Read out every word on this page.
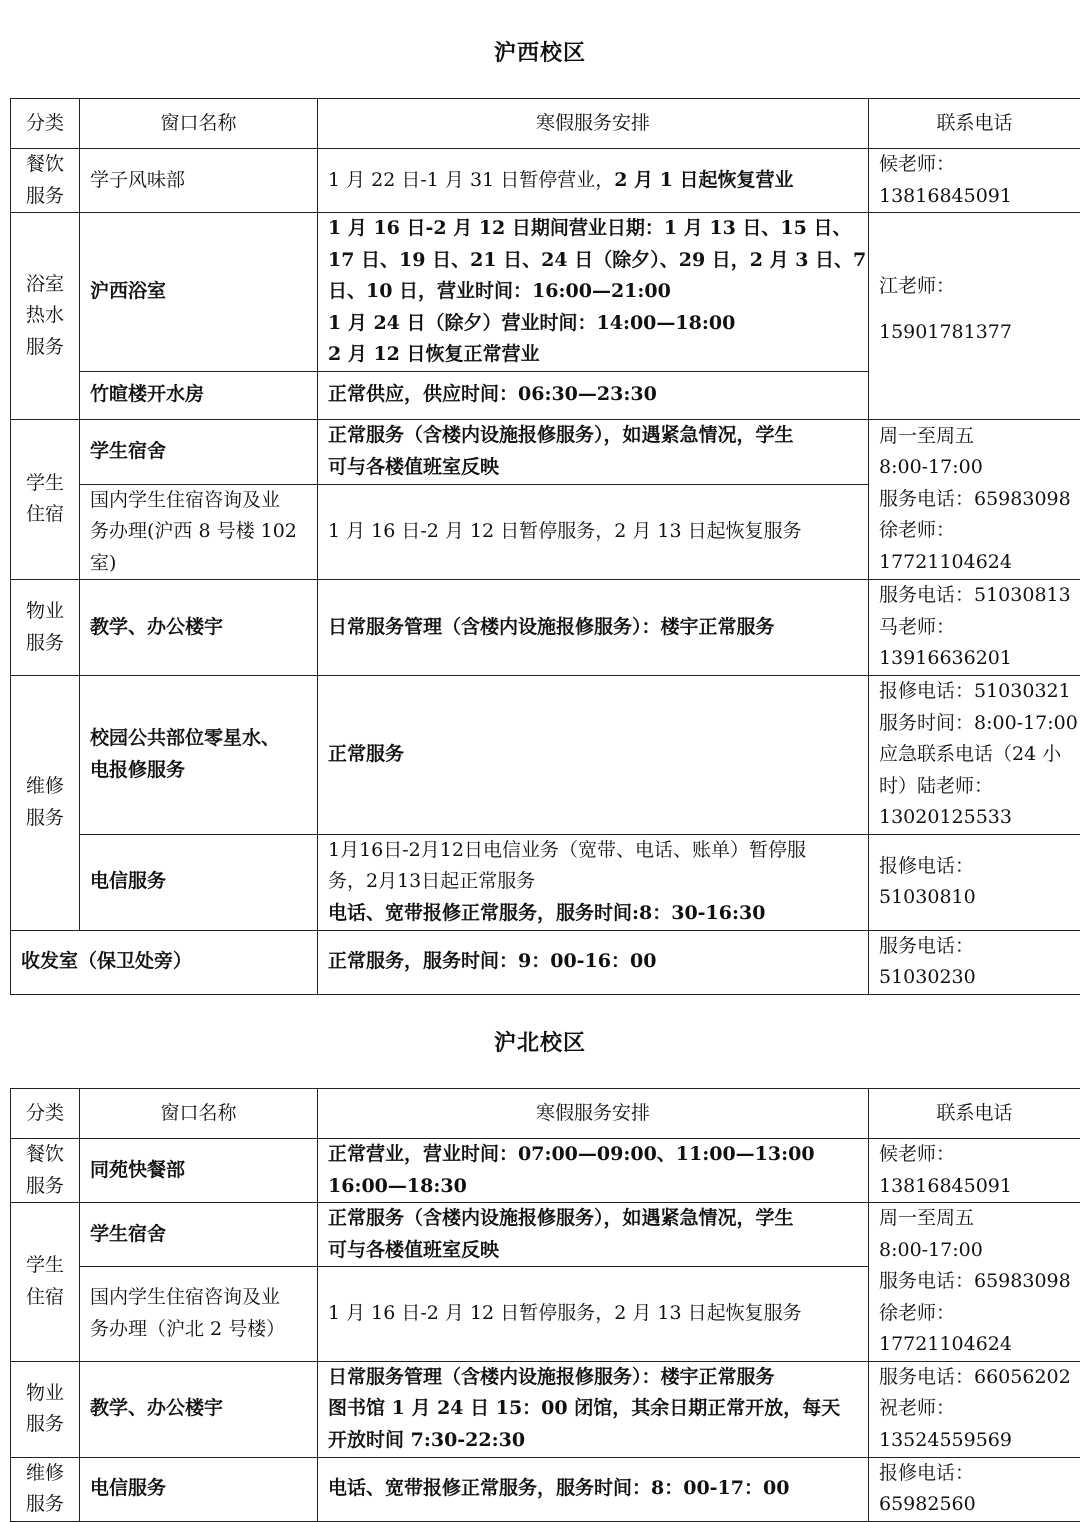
沪西校区
分类	窗口名称	寒假服务安排	联系电话

餐饮
服务	学子风味部	1 月 22 日-1 月 31 日暂停营业，2 月 1 日起恢复营业	候老师：
13816845091

浴室
热水
服务	沪西浴室	1 月 16 日-2 月 12 日期间营业日期：1 月 13 日、15 日、
17 日、19 日、21 日、24 日（除夕）、29 日，2 月 3 日、7
日、10 日，营业时间：16:00—21:00
1 月 24 日（除夕）营业时间：14:00—18:00
2 月 12 日恢复正常营业	江老师：
15901781377

	竹暄楼开水房	正常供应，供应时间：06:30—23:30	

学生
住宿	学生宿舍	正常服务（含楼内设施报修服务），如遇紧急情况，学生
可与各楼值班室反映	周一至周五
8:00-17:00
服务电话：65983098
徐老师：
17721104624

	国内学生住宿咨询及业
务办理(沪西 8 号楼 102
室)	1 月 16 日-2 月 12 日暂停服务，2 月 13 日起恢复服务	

物业
服务	教学、办公楼宇	日常服务管理（含楼内设施报修服务）：楼宇正常服务	服务电话：51030813
马老师：
13916636201

维修
服务	校园公共部位零星水、
电报修服务	正常服务	报修电话：51030321
服务时间：8:00-17:00
应急联系电话（24 小
时）陆老师：
13020125533

	电信服务	1月16日-2月12日电信业务（宽带、电话、账单）暂停服
务，2月13日起正常服务
电话、宽带报修正常服务，服务时间:8：30-16:30	报修电话：51030810
收发室（保卫处旁）		正常服务，服务时间：9：00-16：00	服务电话：51030230
沪北校区
分类	窗口名称	寒假服务安排	联系电话

餐饮
服务	同苑快餐部	正常营业，营业时间：07:00—09:00、11:00—13:00
16:00—18:30	候老师：
13816845091

学生
住宿	学生宿舍	正常服务（含楼内设施报修服务），如遇紧急情况，学生
可与各楼值班室反映	周一至周五
8:00-17:00
服务电话：65983098
徐老师：
17721104624

	国内学生住宿咨询及业
务办理（沪北 2 号楼）	1 月 16 日-2 月 12 日暂停服务，2 月 13 日起恢复服务	

物业
服务	教学、办公楼宇	日常服务管理（含楼内设施报修服务）：楼宇正常服务
图书馆 1 月 24 日 15：00 闭馆，其余日期正常开放，每天
开放时间 7:30-22:30	服务电话：66056202
祝老师：
13524559569

维修
服务	电信服务	电话、宽带报修正常服务，服务时间：8：00-17：00	报修电话：65982560
